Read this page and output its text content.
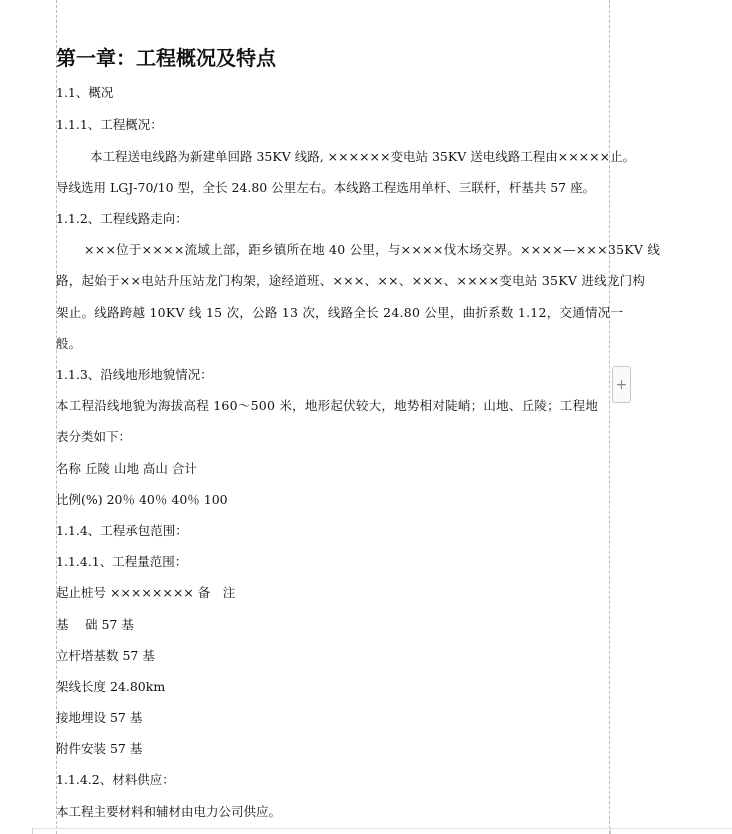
第一章：工程概况及特点
1.1、概况
1.1.1、工程概况：
本工程送电线路为新建单回路 35KV 线路, ××××××变电站 35KV 送电线路工程由×××××止。
导线选用 LGJ-70/10 型，全长 24.80 公里左右。本线路工程选用单杆、三联杆，杆基共 57 座。
1.1.2、工程线路走向：
×××位于××××流域上部，距乡镇所在地 40 公里，与××××伐木场交界。××××—×××35KV 线
路，起始于××电站升压站龙门构架，途经道班、×××、××、×××、××××变电站 35KV 进线龙门构
架止。线路跨越 10KV 线 15 次，公路 13 次，线路全长 24.80 公里，曲折系数 1.12，交通情况一
般。
1.1.3、沿线地形地貌情况：
本工程沿线地貌为海拔高程 160～500 米，地形起伏较大，地势相对陡峭；山地、丘陵；工程地
表分类如下：
名称 丘陵 山地 高山 合计
比例(%) 20％ 40％ 40％ 100
1.1.4、工程承包范围：
1.1.4.1、工程量范围：
起止桩号 ×××××××× 备　注
基　 础 57 基
立杆塔基数 57 基
架线长度 24.80km
接地埋设 57 基
附件安装 57 基
1.1.4.2、材料供应：
本工程主要材料和辅材由电力公司供应。
+
